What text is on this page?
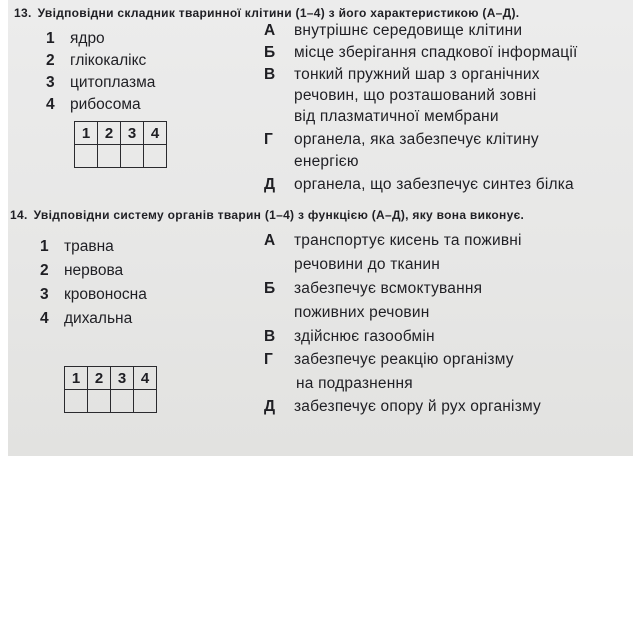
13. Увідповідни складник тваринної клітини (1–4) з його характеристикою (А–Д).
1 ядро
2 глікокалікс
3 цитоплазма
4 рибосома
1	2	3	4

А внутрішнє середовище клітини
Б місце зберігання спадкової інформації
В тонкий пружний шар з органічних
речовин, що розташований зовні
від плазматичної мембрани
Г органела, яка забезпечує клітину
енергією
Д органела, що забезпечує синтез білка
14. Увідповідни систему органів тварин (1–4) з функцією (А–Д), яку вона виконує.
1 травна
2 нервова
3 кровоносна
4 дихальна
1	2	3	4

А транспортує кисень та поживні
речовини до тканин
Б забезпечує всмоктування
поживних речовин
В здійснює газообмін
Г забезпечує реакцію організму
на подразнення
Д забезпечує опору й рух організму
